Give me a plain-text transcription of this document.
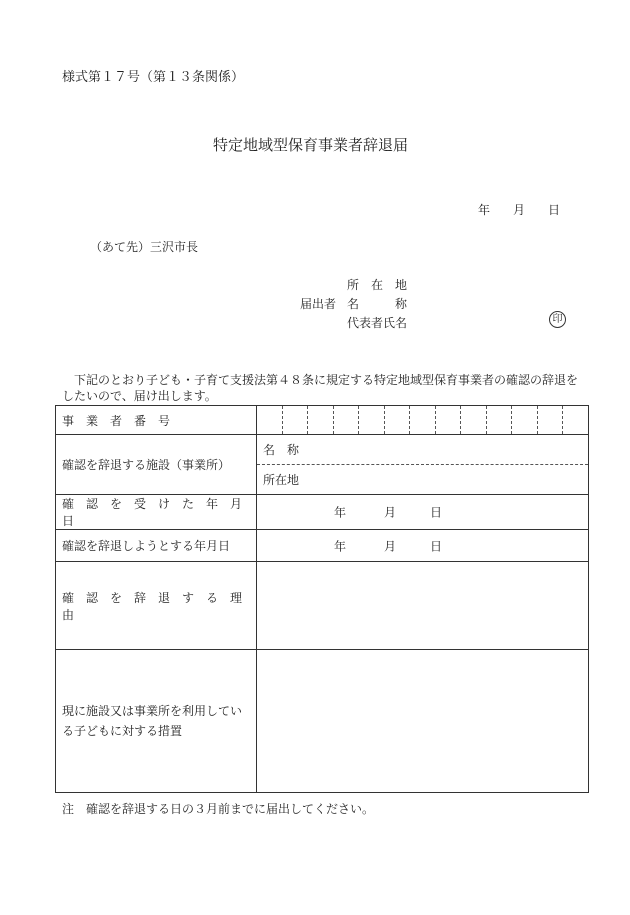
様式第１７号（第１３条関係）
特定地域型保育事業者辞退届
年 月 日
（あて先）三沢市長
所　在　地
届出者 名　　　称
代表者氏名	印
下記のとおり子ども・子育て支援法第４８条に規定する特定地域型保育事業者の確認の辞退を
したいので、届け出します。
事　業　者　番　号	

確認を辞退する施設（事業所）	名　称
所在地

確　認　を　受　け　た　年　月　日	年 月 日

確認を辞退しようとする年月日	年 月 日

確　認　を　辞　退　す　る　理　由	
現に施設又は事業所を利用している子どもに対する措置	
注　確認を辞退する日の３月前までに届出してください。
